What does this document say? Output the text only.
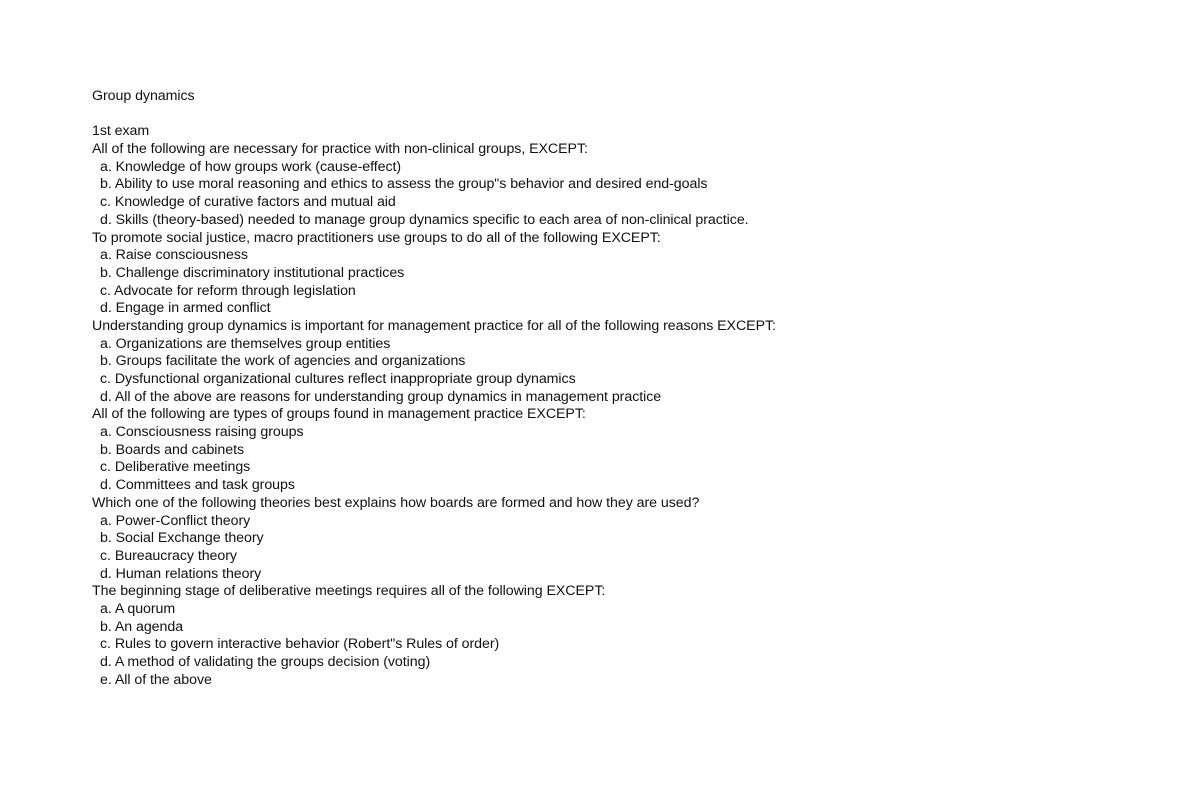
Group dynamics
1st exam
All of the following are necessary for practice with non-clinical groups, EXCEPT:
a. Knowledge of how groups work (cause-effect)
b. Ability to use moral reasoning and ethics to assess the group"s behavior and desired end-goals
c. Knowledge of curative factors and mutual aid
d. Skills (theory-based) needed to manage group dynamics specific to each area of non-clinical practice.
To promote social justice, macro practitioners use groups to do all of the following EXCEPT:
a. Raise consciousness
b. Challenge discriminatory institutional practices
c. Advocate for reform through legislation
d. Engage in armed conflict
Understanding group dynamics is important for management practice for all of the following reasons EXCEPT:
a. Organizations are themselves group entities
b. Groups facilitate the work of agencies and organizations
c. Dysfunctional organizational cultures reflect inappropriate group dynamics
d. All of the above are reasons for understanding group dynamics in management practice
All of the following are types of groups found in management practice EXCEPT:
a. Consciousness raising groups
b. Boards and cabinets
c. Deliberative meetings
d. Committees and task groups
Which one of the following theories best explains how boards are formed and how they are used?
a. Power-Conflict theory
b. Social Exchange theory
c. Bureaucracy theory
d. Human relations theory
The beginning stage of deliberative meetings requires all of the following EXCEPT:
a. A quorum
b. An agenda
c. Rules to govern interactive behavior (Robert"s Rules of order)
d. A method of validating the groups decision (voting)
e. All of the above
